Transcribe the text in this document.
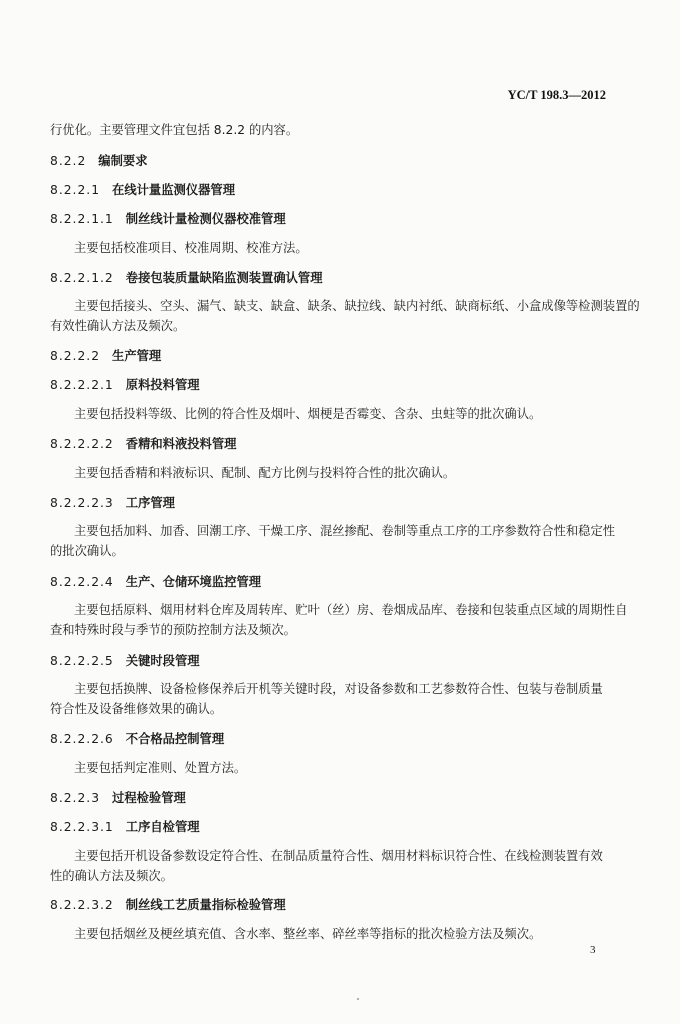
YC/T 198.3—2012
行优化。主要管理文件宜包括 8.2.2 的内容。
8.2.2 编制要求
8.2.2.1 在线计量监测仪器管理
8.2.2.1.1 制丝线计量检测仪器校准管理
主要包括校准项目、校准周期、校准方法。
8.2.2.1.2 卷接包装质量缺陷监测装置确认管理
主要包括接头、空头、漏气、缺支、缺盒、缺条、缺拉线、缺内衬纸、缺商标纸、小盒成像等检测装置的
有效性确认方法及频次。
8.2.2.2 生产管理
8.2.2.2.1 原料投料管理
主要包括投料等级、比例的符合性及烟叶、烟梗是否霉变、含杂、虫蛀等的批次确认。
8.2.2.2.2 香精和料液投料管理
主要包括香精和料液标识、配制、配方比例与投料符合性的批次确认。
8.2.2.2.3 工序管理
主要包括加料、加香、回潮工序、干燥工序、混丝掺配、卷制等重点工序的工序参数符合性和稳定性
的批次确认。
8.2.2.2.4 生产、仓储环境监控管理
主要包括原料、烟用材料仓库及周转库、贮叶（丝）房、卷烟成品库、卷接和包装重点区域的周期性自
查和特殊时段与季节的预防控制方法及频次。
8.2.2.2.5 关键时段管理
主要包括换牌、设备检修保养后开机等关键时段，对设备参数和工艺参数符合性、包装与卷制质量
符合性及设备维修效果的确认。
8.2.2.2.6 不合格品控制管理
主要包括判定准则、处置方法。
8.2.2.3 过程检验管理
8.2.2.3.1 工序自检管理
主要包括开机设备参数设定符合性、在制品质量符合性、烟用材料标识符合性、在线检测装置有效
性的确认方法及频次。
8.2.2.3.2 制丝线工艺质量指标检验管理
主要包括烟丝及梗丝填充值、含水率、整丝率、碎丝率等指标的批次检验方法及频次。
3
